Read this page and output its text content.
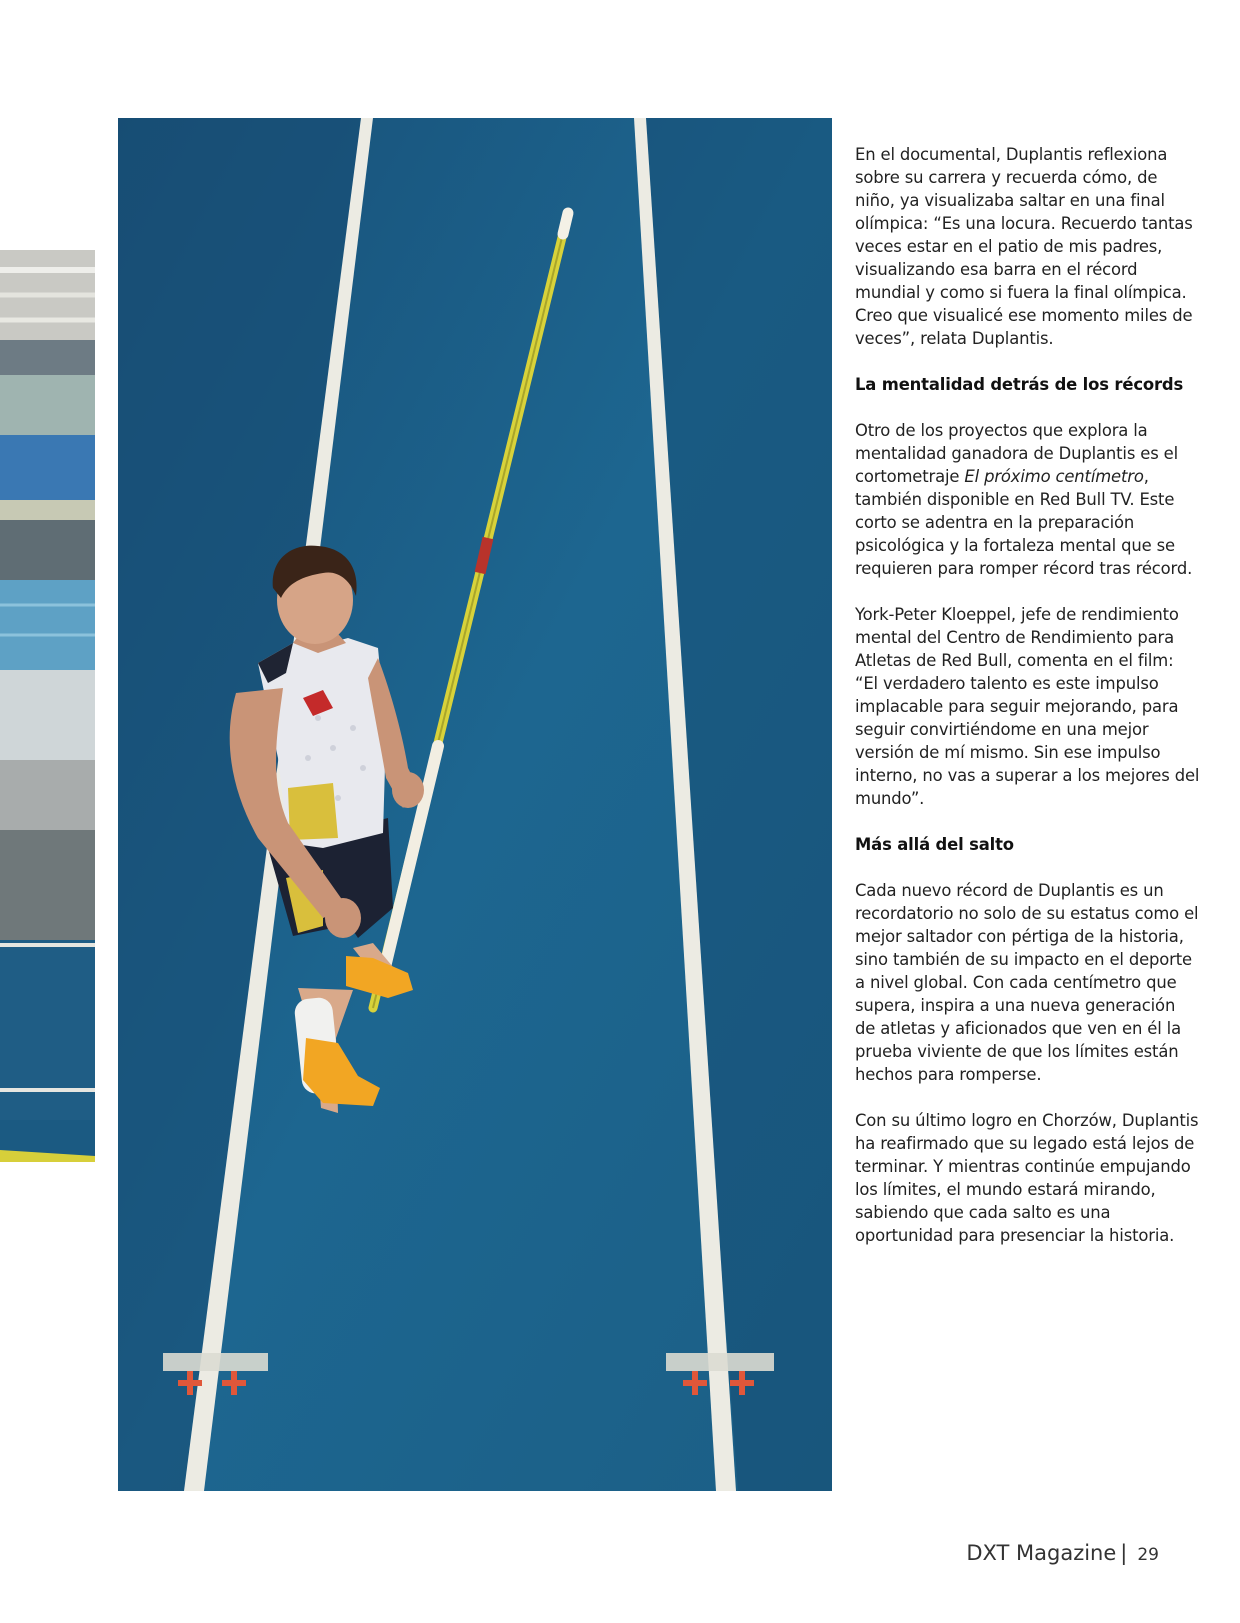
En el documental, Duplantis reflexiona sobre su carrera y recuerda cómo, de niño, ya visualizaba saltar en una final olímpica: “Es una locura. Recuerdo tantas veces estar en el patio de mis padres, visualizando esa barra en el récord mundial y como si fuera la final olímpica. Creo que visualicé ese momento miles de veces”, relata Duplantis.

La mentalidad detrás de los récords

Otro de los proyectos que explora la mentalidad ganadora de Duplantis es el cortometraje El próximo centímetro, también disponible en Red Bull TV. Este corto se adentra en la preparación psicológica y la fortaleza mental que se requieren para romper récord tras récord.

York-Peter Kloeppel, jefe de rendimiento mental del Centro de Rendimiento para Atletas de Red Bull, comenta en el film: “El verdadero talento es este impulso implacable para seguir mejorando, para seguir convirtiéndome en una mejor versión de mí mismo. Sin ese impulso interno, no vas a superar a los mejores del mundo”.

Más allá del salto

Cada nuevo récord de Duplantis es un recordatorio no solo de su estatus como el mejor saltador con pértiga de la historia, sino también de su impacto en el deporte a nivel global. Con cada centímetro que supera, inspira a una nueva generación de atletas y aficionados que ven en él la prueba viviente de que los límites están hechos para romperse.

Con su último logro en Chorzów, Duplantis ha reafirmado que su legado está lejos de terminar. Y mientras continúe empujando los límites, el mundo estará mirando, sabiendo que cada salto es una oportunidad para presenciar la historia.

DXT Magazine | 29
